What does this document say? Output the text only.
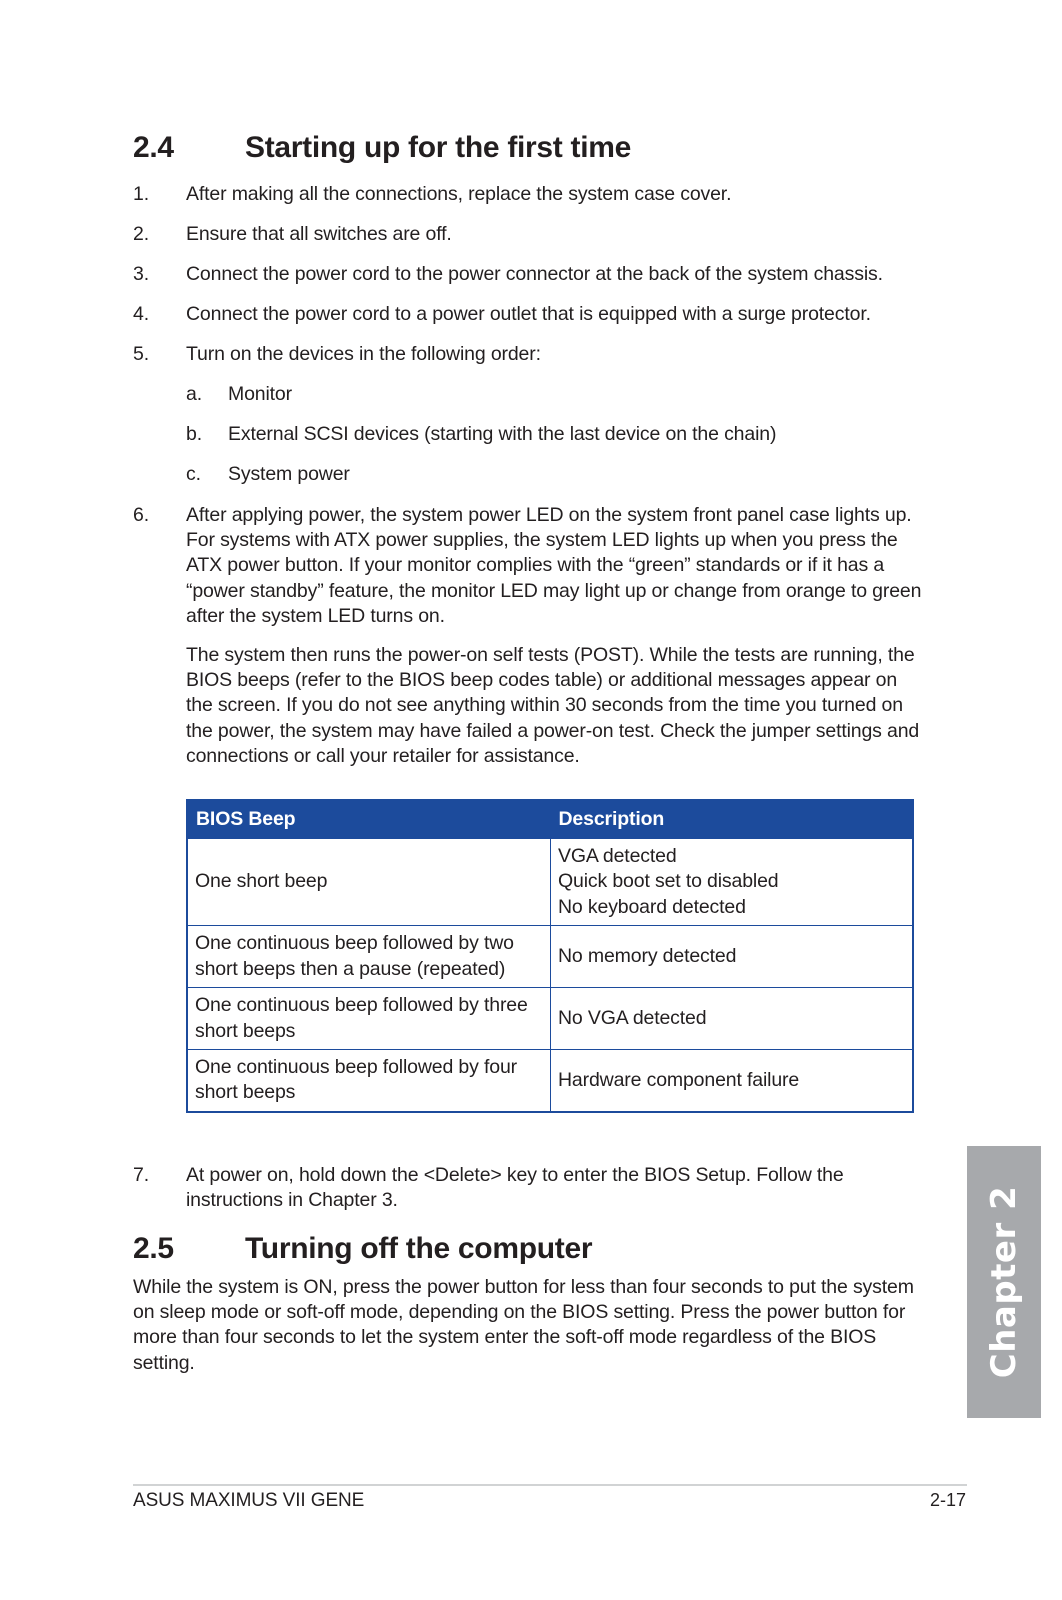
2.4	Starting up for the first time
1. After making all the connections, replace the system case cover.
2. Ensure that all switches are off.
3. Connect the power cord to the power connector at the back of the system chassis.
4. Connect the power cord to a power outlet that is equipped with a surge protector.
5. Turn on the devices in the following order:
a. Monitor
b. External SCSI devices (starting with the last device on the chain)
c. System power
6. After applying power, the system power LED on the system front panel case lights up. For systems with ATX power supplies, the system LED lights up when you press the ATX power button. If your monitor complies with the “green” standards or if it has a “power standby” feature, the monitor LED may light up or change from orange to green after the system LED turns on.

The system then runs the power-on self tests (POST). While the tests are running, the BIOS beeps (refer to the BIOS beep codes table) or additional messages appear on the screen. If you do not see anything within 30 seconds from the time you turned on the power, the system may have failed a power-on test. Check the jumper settings and connections or call your retailer for assistance.

BIOS Beep	Description
One short beep	VGA detected
Quick boot set to disabled
No keyboard detected

One continuous beep followed by two short beeps then a pause (repeated)	No memory detected
One continuous beep followed by three short beeps	No VGA detected
One continuous beep followed by four short beeps	Hardware component failure
7. At power on, hold down the <Delete> key to enter the BIOS Setup. Follow the instructions in Chapter 3.
2.5	Turning off the computer

While the system is ON, press the power button for less than four seconds to put the system on sleep mode or soft-off mode, depending on the BIOS setting. Press the power button for more than four seconds to let the system enter the soft-off mode regardless of the BIOS setting.	Chapter 2
ASUS MAXIMUS VII GENE	2-17
